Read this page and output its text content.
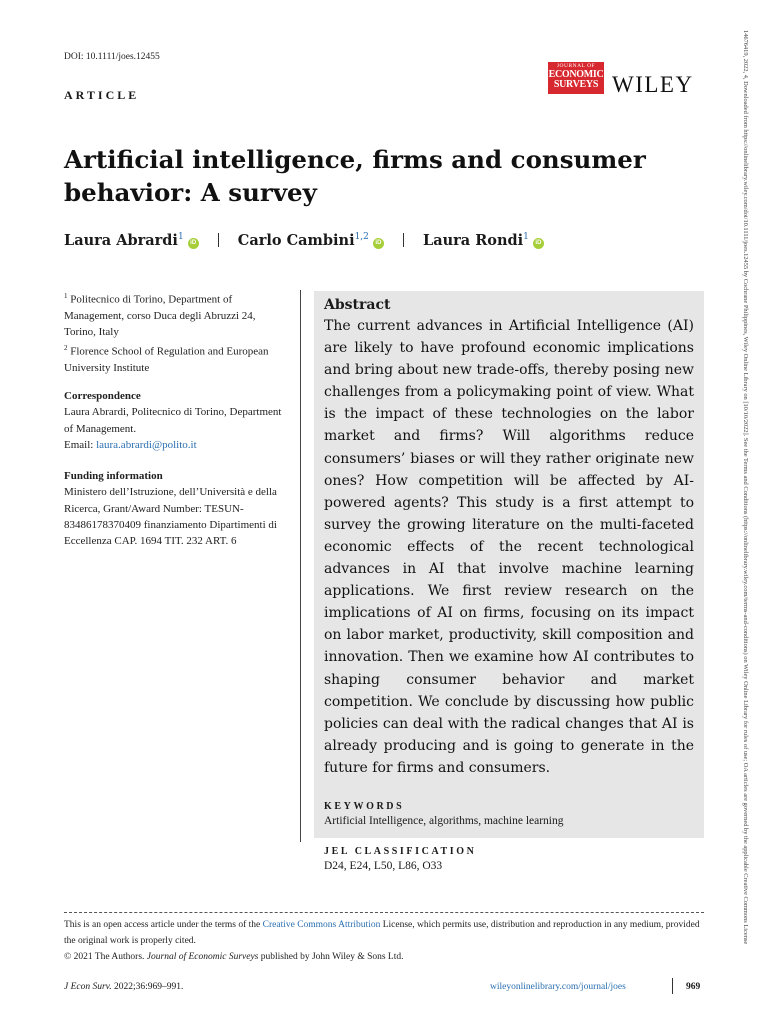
DOI: 10.1111/joes.12455
ARTICLE
JOURNAL OF
ECONOMIC
SURVEYS WILEY
Artificial intelligence, firms and consumer behavior: A survey
Laura Abrardi$^1$iD	Carlo Cambini$^{1,2}$iD	Laura Rondi$^1$iD
$^1$ Politecnico di Torino, Department of Management, corso Duca degli Abruzzi 24, Torino, Italy
$^2$ Florence School of Regulation and European University Institute
Correspondence
Laura Abrardi, Politecnico di Torino, Department of Management.
Email: laura.abrardi@polito.it
Funding information
Ministero dell’Istruzione, dell’Università e della Ricerca, Grant/Award Number: TESUN- 83486178370409 finanziamento Dipartimenti di Eccellenza CAP. 1694 TIT. 232 ART. 6
Abstract

The current advances in Artificial Intelligence (AI) are likely to have profound economic implications and bring about new trade-offs, thereby posing new challenges from a policymaking point of view. What is the impact of these technologies on the labor market and firms? Will algorithms reduce consumers’ biases or will they rather originate new ones? How competition will be affected by AI-powered agents? This study is a first attempt to survey the growing literature on the multi-faceted economic effects of the recent technological advances in AI that involve machine learning applications. We first review research on the implications of AI on firms, focusing on its impact on labor market, productivity, skill composition and innovation. Then we examine how AI contributes to shaping consumer behavior and market competition. We conclude by discussing how public policies can deal with the radical changes that AI is already producing and is going to generate in the future for firms and consumers.

KEYWORDS
Artificial Intelligence, algorithms, machine learning
JEL CLASSIFICATION
D24, E24, L50, L86, O33
This is an open access article under the terms of the Creative Commons Attribution License, which permits use, distribution and reproduction in any medium, provided the original work is properly cited.
© 2021 The Authors. Journal of Economic Surveys published by John Wiley & Sons Ltd.
J Econ Surv. 2022;36:969–991.	wileyonlinelibrary.com/journal/joes	969
14676419, 2022, 4, Downloaded from https://onlinelibrary.wiley.com/doi/10.1111/joes.12455 by Cochrane Philippines, Wiley Online Library on [10/10/2022]. See the Terms and Conditions (https://onlinelibrary.wiley.com/terms-and-conditions) on Wiley Online Library for rules of use; OA articles are governed by the applicable Creative Commons License
